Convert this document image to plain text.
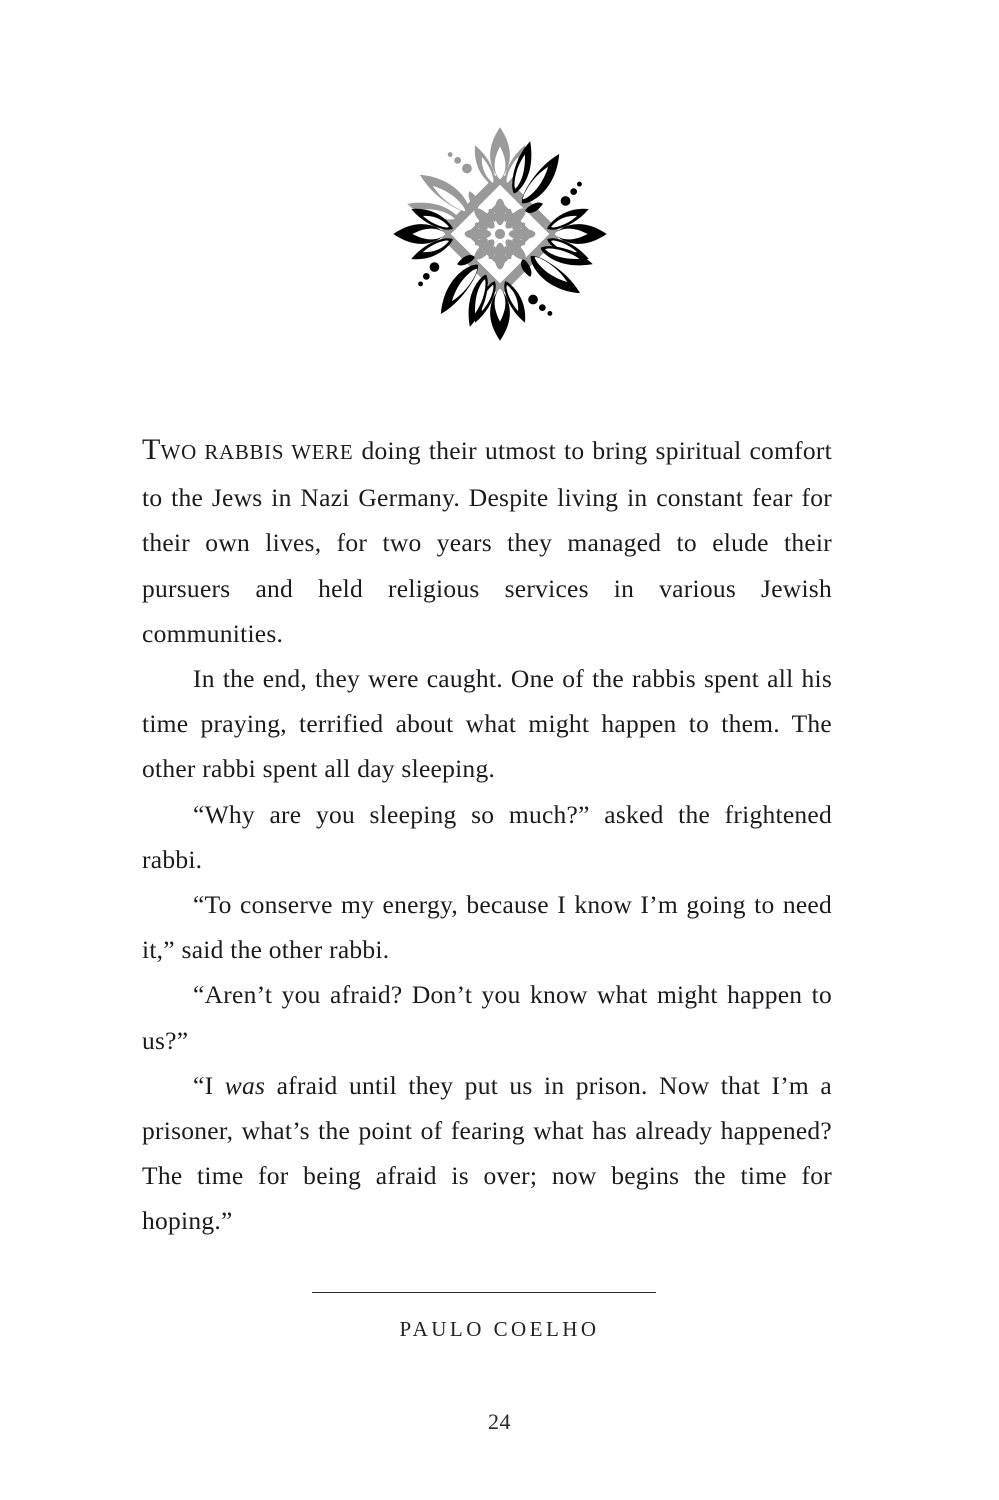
TWO RABBIS WERE doing their utmost to bring spiritual comfort to the Jews in Nazi Germany. Despite living in constant fear for their own lives, for two years they managed to elude their pursuers and held religious services in various Jewish communities.

In the end, they were caught. One of the rabbis spent all his time praying, terrified about what might happen to them. The other rabbi spent all day sleeping.

“Why are you sleeping so much?” asked the frightened rabbi.

“To conserve my energy, because I know I’m going to need it,” said the other rabbi.

“Aren’t you afraid? Don’t you know what might happen to us?”

“I was afraid until they put us in prison. Now that I’m a prisoner, what’s the point of fearing what has already happened? The time for being afraid is over; now begins the time for hoping.”

PAULO COELHO
24
